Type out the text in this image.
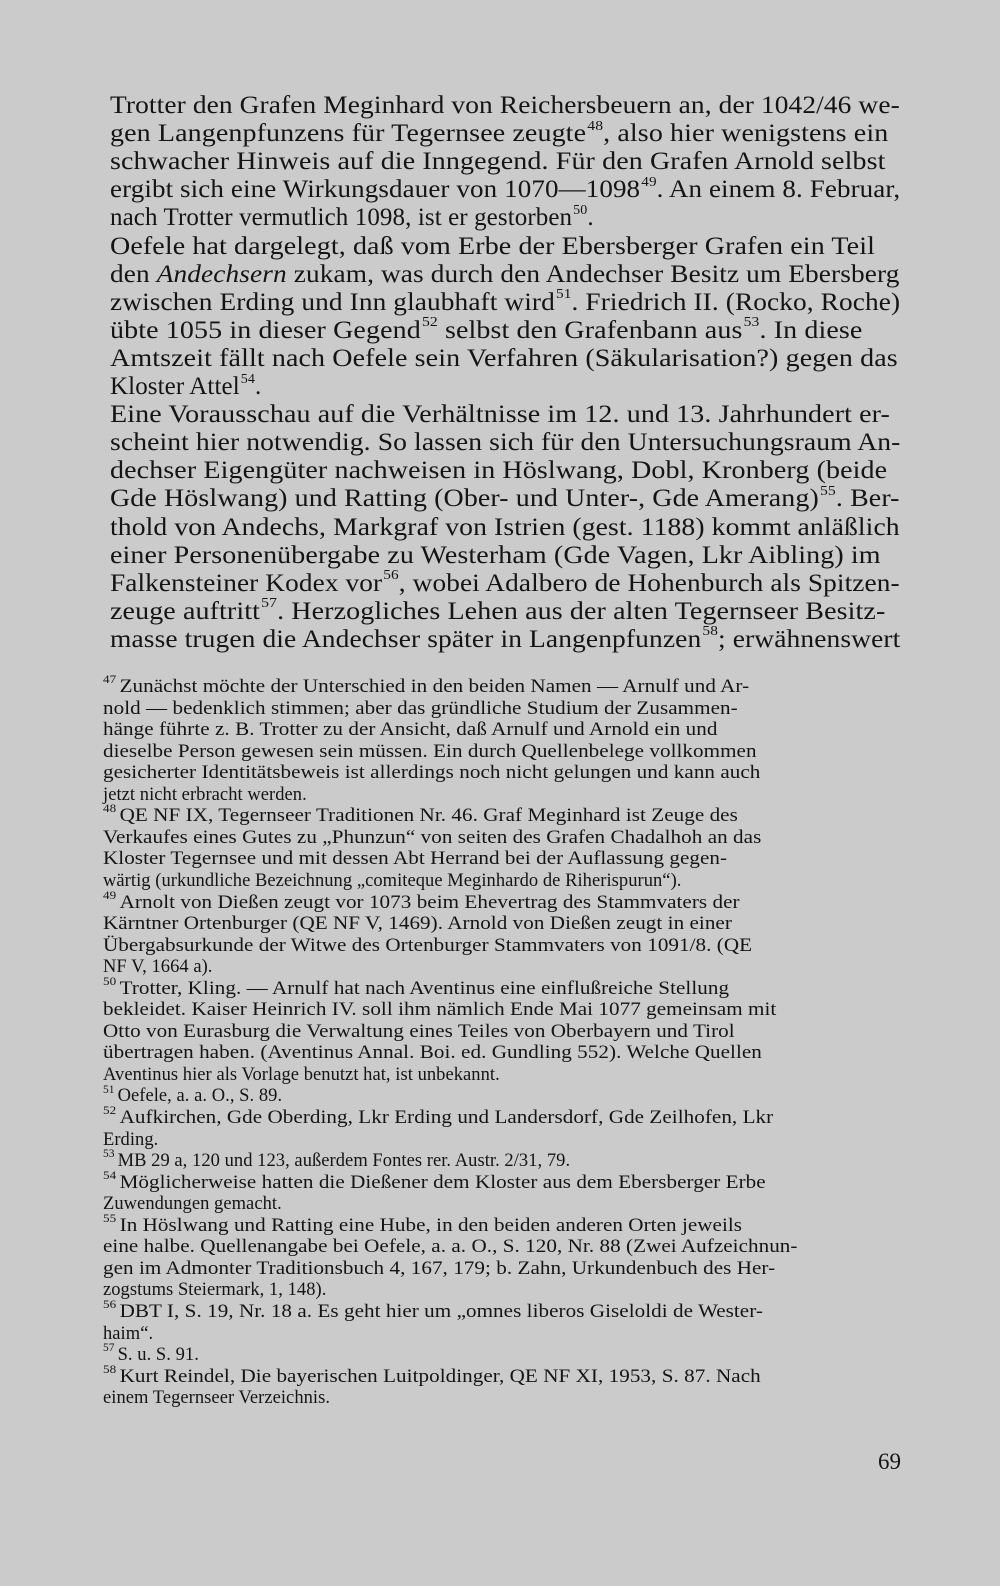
Trotter den Grafen Meginhard von Reichersbeuern an, der 1042/46 we-
gen Langenpfunzens für Tegernsee zeugte$^{48}$, also hier wenigstens ein
schwacher Hinweis auf die Inngegend. Für den Grafen Arnold selbst
ergibt sich eine Wirkungsdauer von 1070—1098$^{49}$. An einem 8. Februar,
nach Trotter vermutlich 1098, ist er gestorben$^{50}$.
Oefele hat dargelegt, daß vom Erbe der Ebersberger Grafen ein Teil
den Andechsern zukam, was durch den Andechser Besitz um Ebersberg
zwischen Erding und Inn glaubhaft wird$^{51}$. Friedrich II. (Rocko, Roche)
übte 1055 in dieser Gegend$^{52}$ selbst den Grafenbann aus$^{53}$. In diese
Amtszeit fällt nach Oefele sein Verfahren (Säkularisation?) gegen das
Kloster Attel$^{54}$.
Eine Vorausschau auf die Verhältnisse im 12. und 13. Jahrhundert er-
scheint hier notwendig. So lassen sich für den Untersuchungsraum An-
dechser Eigengüter nachweisen in Höslwang, Dobl, Kronberg (beide
Gde Höslwang) und Ratting (Ober- und Unter-, Gde Amerang)$^{55}$. Ber-
thold von Andechs, Markgraf von Istrien (gest. 1188) kommt anläßlich
einer Personenübergabe zu Westerham (Gde Vagen, Lkr Aibling) im
Falkensteiner Kodex vor$^{56}$, wobei Adalbero de Hohenburch als Spitzen-
zeuge auftritt$^{57}$. Herzogliches Lehen aus der alten Tegernseer Besitz-
masse trugen die Andechser später in Langenpfunzen$^{58}$; erwähnenswert
$^{47}$ Zunächst möchte der Unterschied in den beiden Namen — Arnulf und Ar-
nold — bedenklich stimmen; aber das gründliche Studium der Zusammen-
hänge führte z. B. Trotter zu der Ansicht, daß Arnulf und Arnold ein und
dieselbe Person gewesen sein müssen. Ein durch Quellenbelege vollkommen
gesicherter Identitätsbeweis ist allerdings noch nicht gelungen und kann auch
jetzt nicht erbracht werden.
$^{48}$ QE NF IX, Tegernseer Traditionen Nr. 46. Graf Meginhard ist Zeuge des
Verkaufes eines Gutes zu „Phunzun“ von seiten des Grafen Chadalhoh an das
Kloster Tegernsee und mit dessen Abt Herrand bei der Auflassung gegen-
wärtig (urkundliche Bezeichnung „comiteque Meginhardo de Riherispurun“).
$^{49}$ Arnolt von Dießen zeugt vor 1073 beim Ehevertrag des Stammvaters der
Kärntner Ortenburger (QE NF V, 1469). Arnold von Dießen zeugt in einer
Übergabsurkunde der Witwe des Ortenburger Stammvaters von 1091/8. (QE
NF V, 1664 a).
$^{50}$ Trotter, Kling. — Arnulf hat nach Aventinus eine einflußreiche Stellung
bekleidet. Kaiser Heinrich IV. soll ihm nämlich Ende Mai 1077 gemeinsam mit
Otto von Eurasburg die Verwaltung eines Teiles von Oberbayern und Tirol
übertragen haben. (Aventinus Annal. Boi. ed. Gundling 552). Welche Quellen
Aventinus hier als Vorlage benutzt hat, ist unbekannt.
$^{51}$ Oefele, a. a. O., S. 89.
$^{52}$ Aufkirchen, Gde Oberding, Lkr Erding und Landersdorf, Gde Zeilhofen, Lkr
Erding.
$^{53}$ MB 29 a, 120 und 123, außerdem Fontes rer. Austr. 2/31, 79.
$^{54}$ Möglicherweise hatten die Dießener dem Kloster aus dem Ebersberger Erbe
Zuwendungen gemacht.
$^{55}$ In Höslwang und Ratting eine Hube, in den beiden anderen Orten jeweils
eine halbe. Quellenangabe bei Oefele, a. a. O., S. 120, Nr. 88 (Zwei Aufzeichnun-
gen im Admonter Traditionsbuch 4, 167, 179; b. Zahn, Urkundenbuch des Her-
zogstums Steiermark, 1, 148).
$^{56}$ DBT I, S. 19, Nr. 18 a. Es geht hier um „omnes liberos Giseloldi de Wester-
haim“.
$^{57}$ S. u. S. 91.
$^{58}$ Kurt Reindel, Die bayerischen Luitpoldinger, QE NF XI, 1953, S. 87. Nach
einem Tegernseer Verzeichnis.
69
